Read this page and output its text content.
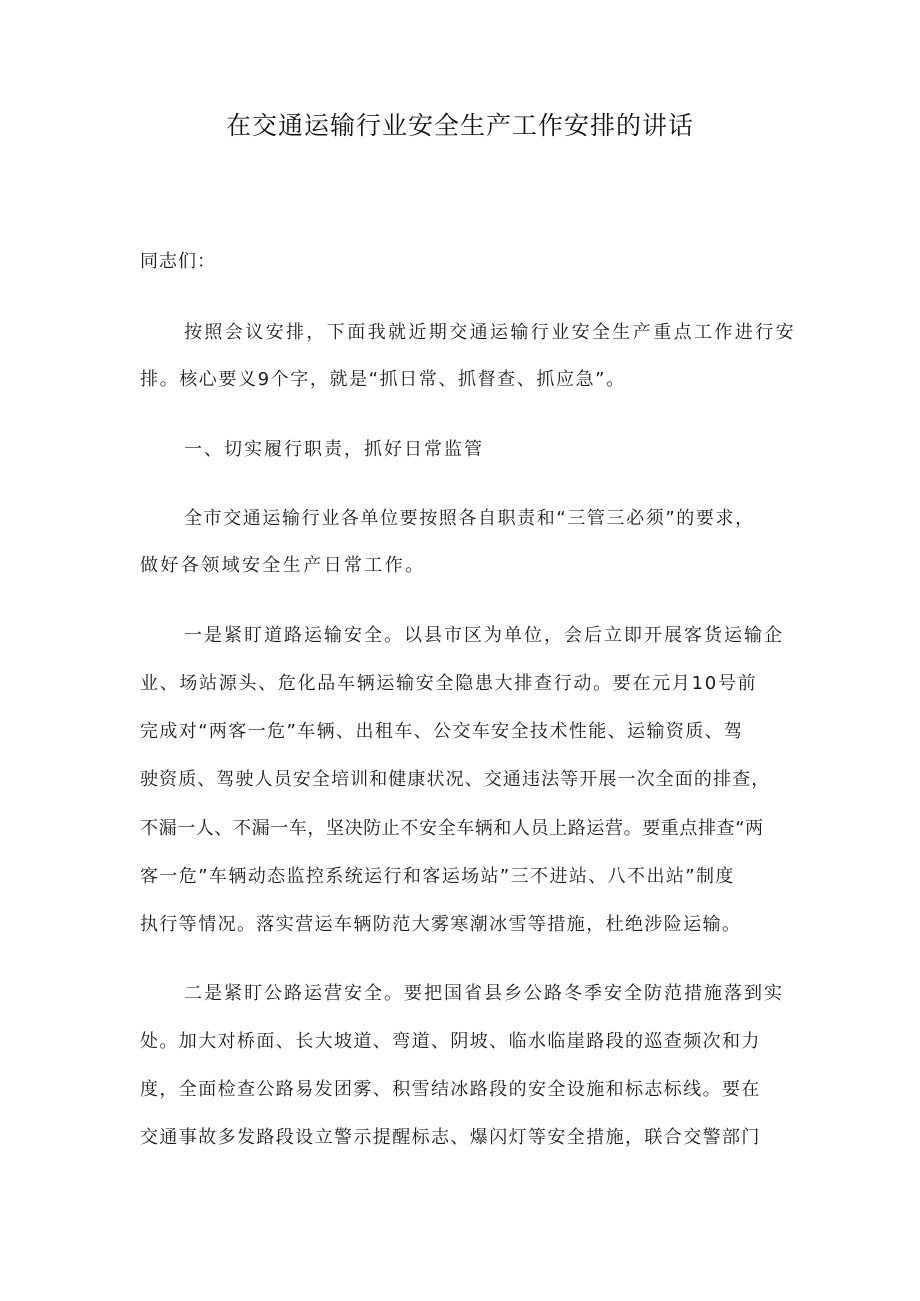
在交通运输行业安全生产工作安排的讲话
同志们：
按照会议安排，下面我就近期交通运输行业安全生产重点工作进行安
排。核心要义9个字，就是“抓日常、抓督查、抓应急”。
一、切实履行职责，抓好日常监管
全市交通运输行业各单位要按照各自职责和“三管三必须”的要求，
做好各领域安全生产日常工作。
一是紧盯道路运输安全。以县市区为单位，会后立即开展客货运输企
业、场站源头、危化品车辆运输安全隐患大排查行动。要在元月10号前
完成对“两客一危”车辆、出租车、公交车安全技术性能、运输资质、驾
驶资质、驾驶人员安全培训和健康状况、交通违法等开展一次全面的排查，
不漏一人、不漏一车，坚决防止不安全车辆和人员上路运营。要重点排查“两
客一危”车辆动态监控系统运行和客运场站”三不进站、八不出站”制度
执行等情况。落实营运车辆防范大雾寒潮冰雪等措施，杜绝涉险运输。
二是紧盯公路运营安全。要把国省县乡公路冬季安全防范措施落到实
处。加大对桥面、长大坡道、弯道、阴坡、临水临崖路段的巡查频次和力
度，全面检查公路易发团雾、积雪结冰路段的安全设施和标志标线。要在
交通事故多发路段设立警示提醒标志、爆闪灯等安全措施，联合交警部门
